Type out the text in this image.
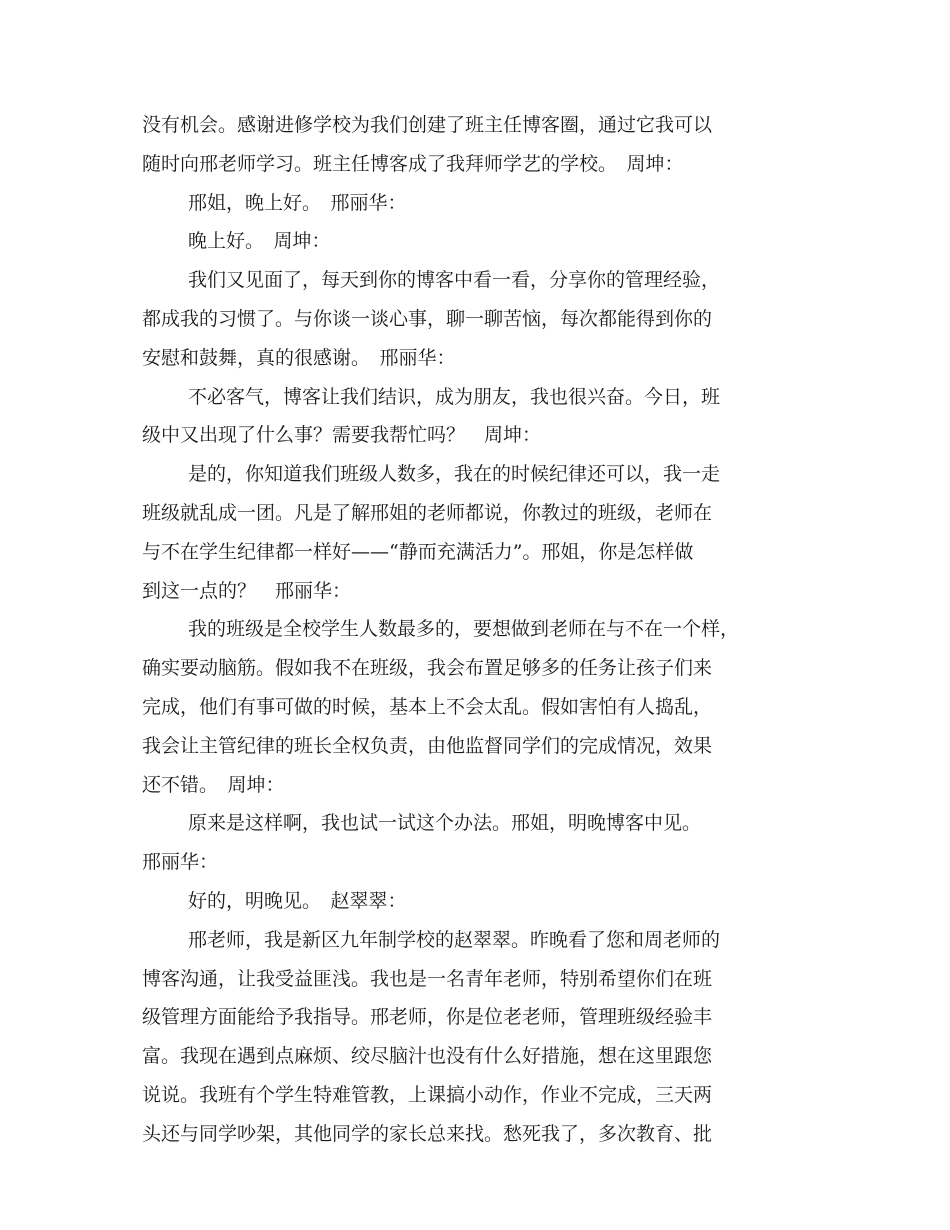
没有机会。感谢进修学校为我们创建了班主任博客圈，通过它我可以
随时向邢老师学习。班主任博客成了我拜师学艺的学校。　周坤：
邢姐，晚上好。　邢丽华：
晚上好。　周坤：
我们又见面了，每天到你的博客中看一看，分享你的管理经验，
都成我的习惯了。与你谈一谈心事，聊一聊苦恼，每次都能得到你的
安慰和鼓舞，真的很感谢。　邢丽华：
不必客气，博客让我们结识，成为朋友，我也很兴奋。今日，班
级中又出现了什么事？需要我帮忙吗？　周坤：
是的，你知道我们班级人数多，我在的时候纪律还可以，我一走
班级就乱成一团。凡是了解邢姐的老师都说，你教过的班级，老师在
与不在学生纪律都一样好——“静而充满活力”。邢姐，你是怎样做
到这一点的？　邢丽华：
我的班级是全校学生人数最多的，要想做到老师在与不在一个样，
确实要动脑筋。假如我不在班级，我会布置足够多的任务让孩子们来
完成，他们有事可做的时候，基本上不会太乱。假如害怕有人捣乱，
我会让主管纪律的班长全权负责，由他监督同学们的完成情况，效果
还不错。　周坤：
原来是这样啊，我也试一试这个办法。邢姐，明晚博客中见。
邢丽华：
好的，明晚见。　赵翠翠：
邢老师，我是新区九年制学校的赵翠翠。昨晚看了您和周老师的
博客沟通，让我受益匪浅。我也是一名青年老师，特别希望你们在班
级管理方面能给予我指导。邢老师，你是位老老师，管理班级经验丰
富。我现在遇到点麻烦、绞尽脑汁也没有什么好措施，想在这里跟您
说说。我班有个学生特难管教，上课搞小动作，作业不完成，三天两
头还与同学吵架，其他同学的家长总来找。愁死我了，多次教育、批
